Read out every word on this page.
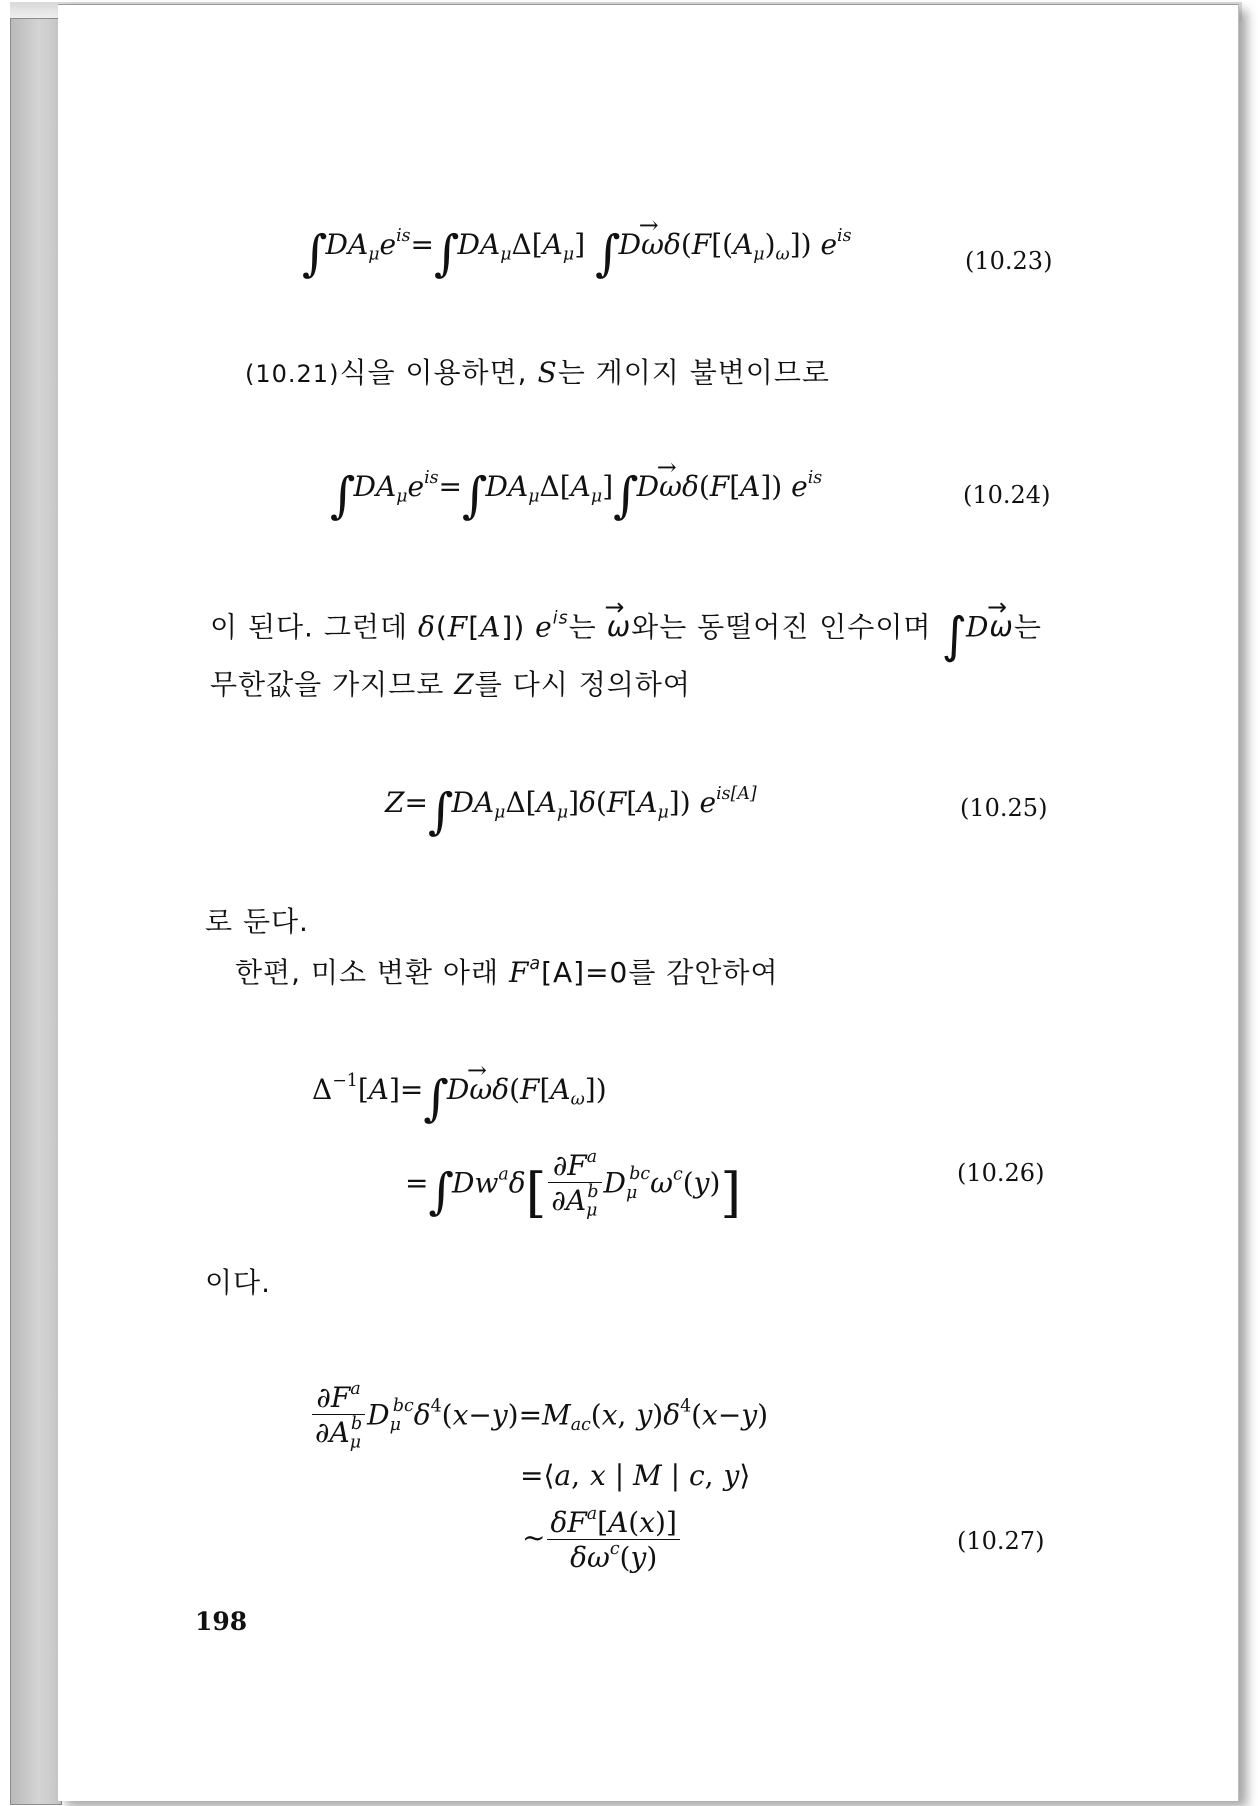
$\int DA_\mu e^{is}=\int DA_\mu\Delta[A_\mu]$ $\int D\to \omega\delta(F[(A_\mu)_\omega])$ $e^{is}$
(10.23)
(10.21)식을 이용하면, S는 게이지 불변이므로
$\int DA_\mu e^{is}=\int DA_\mu\Delta[A_\mu]\int D\to \omega\delta(F[A])$ $e^{is}$
(10.24)
이 된다. 그런데 δ(F[A]) $e^{is}$는→ ω와는 동떨어진 인수이며 ∫D→ ω는
무한값을 가지므로 Z를 다시 정의하여
$Z=\int DA_\mu\Delta[A_\mu]\delta(F[A_\mu])$ $e^{is[A]}$	(10.25)
로 둔다.
한편, 미소 변환 아래 $F^a[A]=0$를 감안하여
$\Delta^{-1}[A]=\int D\to \omega\delta(F[A_\omega])$
$=\int Dw^a\delta[ \frac{\partial F^a}{\partial A_\mu^b} D_\mu^{bc}\omega^c(y)]$	(10.26)
이다.
$\frac{\partial F^a}{\partial A_\mu^b} D_\mu^{bc}\delta^4(x-y)=M_{ac}(x$, $y)\delta^4(x-y)$
=⟨a, x | M | c, y⟩
~ $\frac{\delta F^a[A(x)]}{\delta\omega^c(y)}$	(10.27)
198
